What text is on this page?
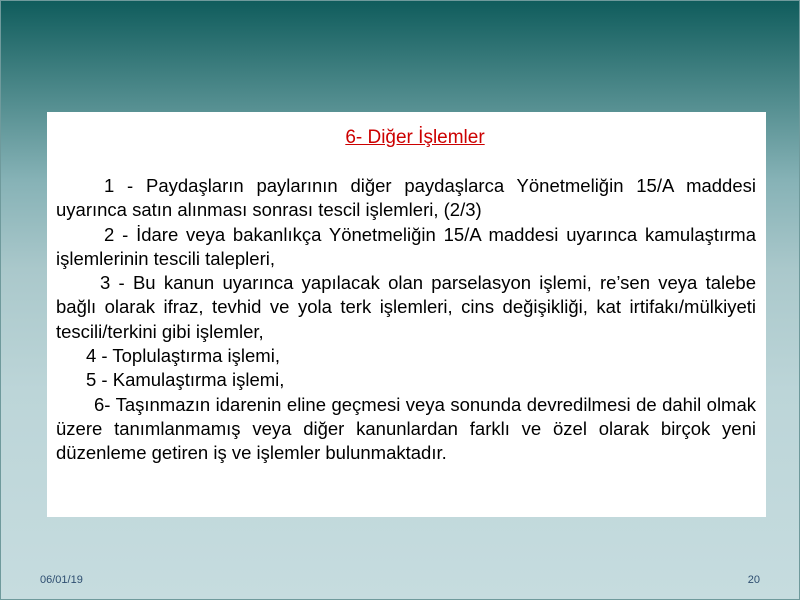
6- Diğer İşlemler

1 - Paydaşların paylarının diğer paydaşlarca Yönetmeliğin 15/A maddesi uyarınca satın alınması sonrası tescil işlemleri, (2/3)

2 - İdare veya bakanlıkça Yönetmeliğin 15/A maddesi uyarınca kamulaştırma işlemlerinin tescili talepleri,

3 - Bu kanun uyarınca yapılacak olan parselasyon işlemi, re’sen veya talebe bağlı olarak ifraz, tevhid ve yola terk işlemleri, cins değişikliği, kat irtifakı/mülkiyeti tescili/terkini gibi işlemler,

4 - Toplulaştırma işlemi,

5 - Kamulaştırma işlemi,

6- Taşınmazın idarenin eline geçmesi veya sonunda devredilmesi de dahil olmak üzere tanımlanmamış veya diğer kanunlardan farklı ve özel olarak birçok yeni düzenleme getiren iş ve işlemler bulunmaktadır.

06/01/19	20
